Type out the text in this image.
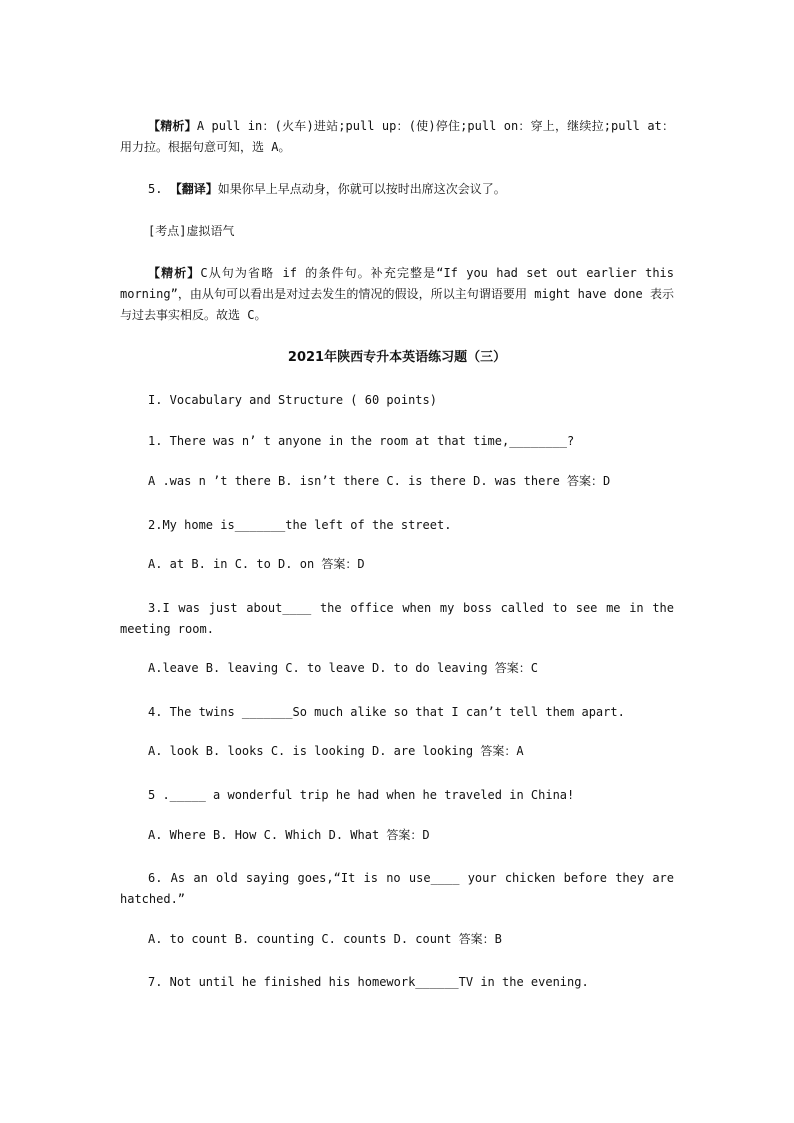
【精析】A pull in：(火车)进站;pull up：(使)停住;pull on：穿上，继续拉;pull at：用力拉。根据句意可知，选 A。

5. 【翻译】如果你早上早点动身，你就可以按时出席这次会议了。

[考点]虚拟语气

【精析】C从句为省略 if 的条件句。补充完整是“If you had set out earlier this morning”，由从句可以看出是对过去发生的情况的假设，所以主句谓语要用 might have done 表示与过去事实相反。故选 C。

2021年陕西专升本英语练习题（三）

I. Vocabulary and Structure ( 60 points)

1. There was n’ t anyone in the room at that time,________?

A .was n ’t there B. isn’t there C. is there D. was there 答案：D

2.My home is_______the left of the street.

A. at B. in C. to D. on 答案：D

3.I was just about____ the office when my boss called to see me in the meeting room.

A.leave B. leaving C. to leave D. to do leaving 答案：C

4. The twins _______So much alike so that I can’t tell them apart.

A. look B. looks C. is looking D. are looking 答案：A

5 ._____ a wonderful trip he had when he traveled in China!

A. Where B. How C. Which D. What 答案：D

6. As an old saying goes,“It is no use____ your chicken before they are hatched.”

A. to count B. counting C. counts D. count 答案：B

7. Not until he finished his homework______TV in the evening.
